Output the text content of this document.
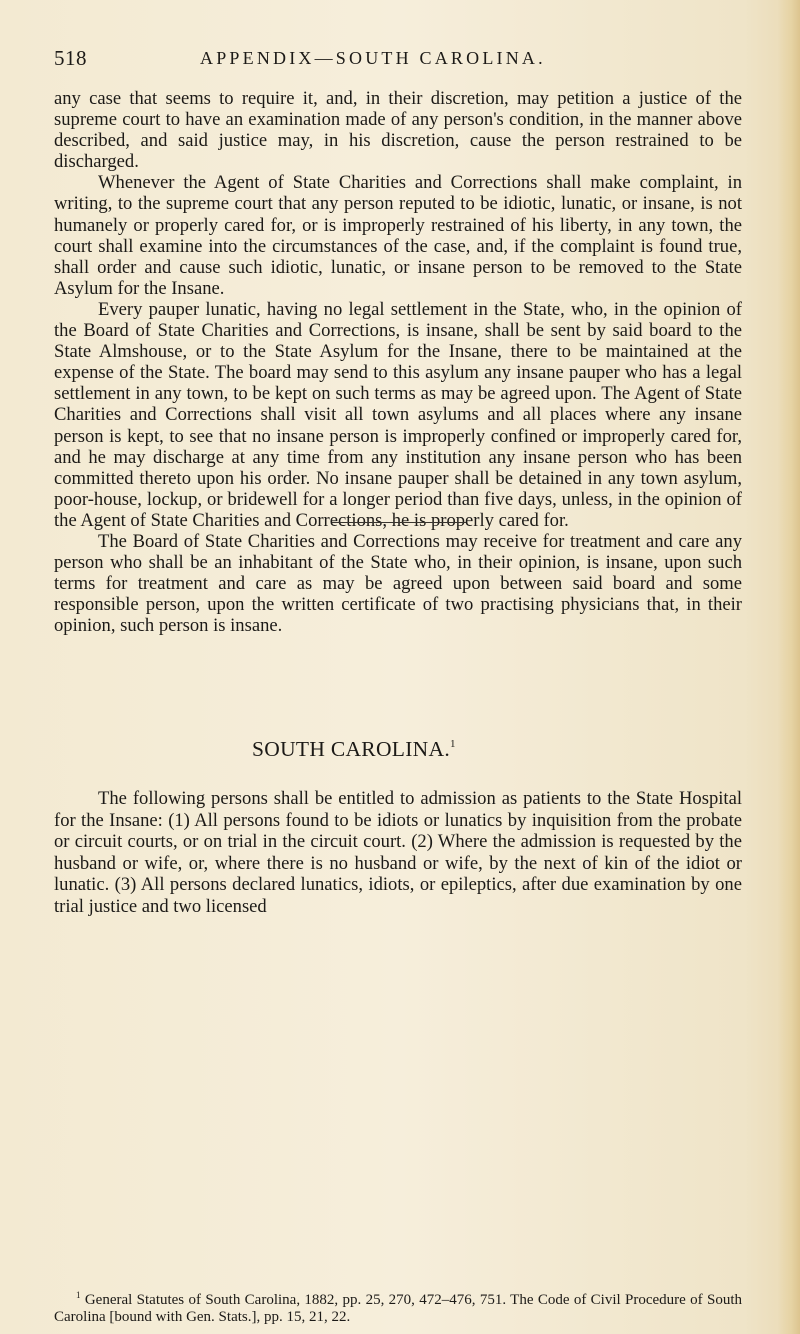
518	APPENDIX—SOUTH CAROLINA.

any case that seems to require it, and, in their discretion, may petition a justice of the supreme court to have an examination made of any person's condition, in the manner above described, and said justice may, in his discretion, cause the person restrained to be discharged.

Whenever the Agent of State Charities and Corrections shall make complaint, in writing, to the supreme court that any person reputed to be idiotic, lunatic, or insane, is not humanely or properly cared for, or is improperly restrained of his liberty, in any town, the court shall examine into the circumstances of the case, and, if the complaint is found true, shall order and cause such idiotic, lunatic, or insane person to be removed to the State Asylum for the Insane.

Every pauper lunatic, having no legal settlement in the State, who, in the opinion of the Board of State Charities and Corrections, is insane, shall be sent by said board to the State Almshouse, or to the State Asylum for the Insane, there to be maintained at the expense of the State. The board may send to this asylum any insane pauper who has a legal settlement in any town, to be kept on such terms as may be agreed upon. The Agent of State Charities and Corrections shall visit all town asylums and all places where any insane person is kept, to see that no insane person is improperly confined or improperly cared for, and he may discharge at any time from any institution any insane person who has been committed thereto upon his order. No insane pauper shall be detained in any town asylum, poor-house, lockup, or bridewell for a longer period than five days, unless, in the opinion of the Agent of State Charities and Corrections, he is properly cared for.

The Board of State Charities and Corrections may receive for treatment and care any person who shall be an inhabitant of the State who, in their opinion, is insane, upon such terms for treatment and care as may be agreed upon between said board and some responsible person, upon the written certificate of two practising physicians that, in their opinion, such person is insane.

SOUTH CAROLINA.$^1$

The following persons shall be entitled to admission as patients to the State Hospital for the Insane: (1) All persons found to be idiots or lunatics by inquisition from the probate or circuit courts, or on trial in the circuit court. (2) Where the admission is requested by the husband or wife, or, where there is no husband or wife, by the next of kin of the idiot or lunatic. (3) All persons declared lunatics, idiots, or epileptics, after due examination by one trial justice and two licensed

$^1$ General Statutes of South Carolina, 1882, pp. 25, 270, 472–476, 751. The Code of Civil Procedure of South Carolina [bound with Gen. Stats.], pp. 15, 21, 22.
